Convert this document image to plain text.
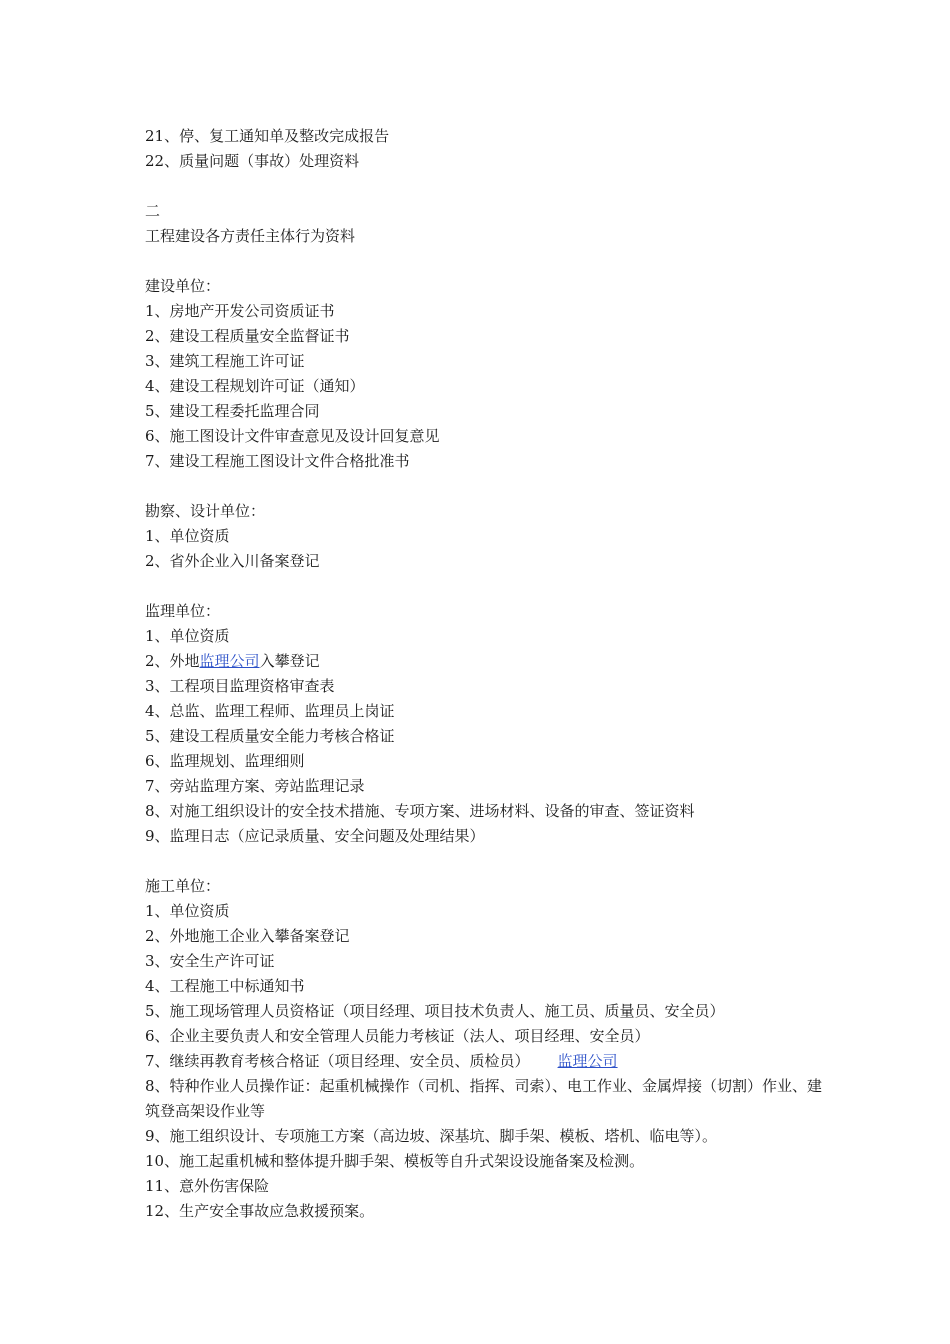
21、停、复工通知单及整改完成报告
22、质量问题（事故）处理资料
二
工程建设各方责任主体行为资料
建设单位：
1、房地产开发公司资质证书
2、建设工程质量安全监督证书
3、建筑工程施工许可证
4、建设工程规划许可证（通知）
5、建设工程委托监理合同
6、施工图设计文件审查意见及设计回复意见
7、建设工程施工图设计文件合格批准书
勘察、设计单位：
1、单位资质
2、省外企业入川备案登记
监理单位：
1、单位资质
2、外地监理公司入攀登记
3、工程项目监理资格审查表
4、总监、监理工程师、监理员上岗证
5、建设工程质量安全能力考核合格证
6、监理规划、监理细则
7、旁站监理方案、旁站监理记录
8、对施工组织设计的安全技术措施、专项方案、进场材料、设备的审查、签证资料
9、监理日志（应记录质量、安全问题及处理结果）
施工单位：
1、单位资质
2、外地施工企业入攀备案登记
3、安全生产许可证
4、工程施工中标通知书
5、施工现场管理人员资格证（项目经理、项目技术负责人、施工员、质量员、安全员）
6、企业主要负责人和安全管理人员能力考核证（法人、项目经理、安全员）
7、继续再教育考核合格证（项目经理、安全员、质检员） 监理公司
8、特种作业人员操作证：起重机械操作（司机、指挥、司索）、电工作业、金属焊接（切割）作业、建筑登高架设作业等
9、施工组织设计、专项施工方案（高边坡、深基坑、脚手架、模板、塔机、临电等）。
10、施工起重机械和整体提升脚手架、模板等自升式架设设施备案及检测。
11、意外伤害保险
12、生产安全事故应急救援预案。
